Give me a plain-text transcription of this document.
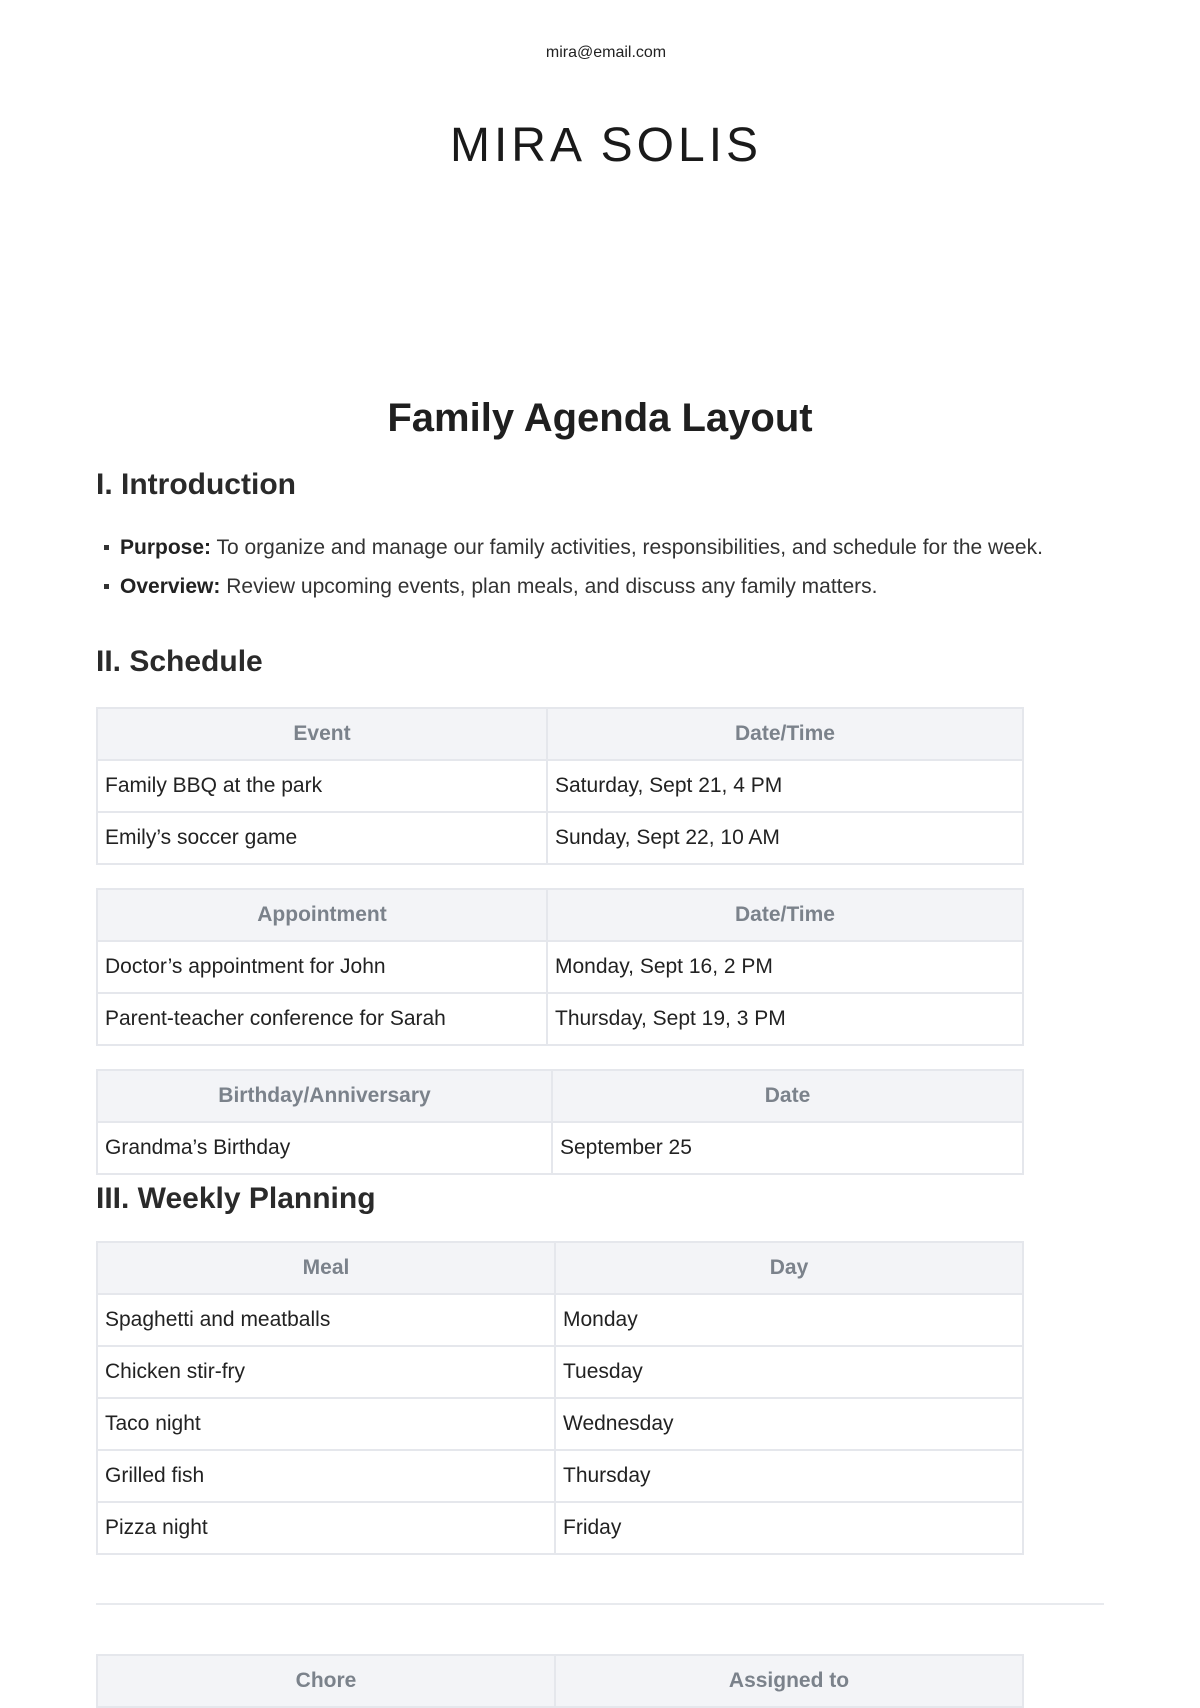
mira@email.com
MIRA SOLIS
Family Agenda Layout
I. Introduction
Purpose: To organize and manage our family activities, responsibilities, and schedule for the week.
Overview: Review upcoming events, plan meals, and discuss any family matters.
II. Schedule
Event	Date/Time
Family BBQ at the park	Saturday, Sept 21, 4 PM
Emily’s soccer game	Sunday, Sept 22, 10 AM
Appointment	Date/Time
Doctor’s appointment for John	Monday, Sept 16, 2 PM
Parent-teacher conference for Sarah	Thursday, Sept 19, 3 PM
Birthday/Anniversary	Date
Grandma’s Birthday	September 25
III. Weekly Planning
Meal	Day
Spaghetti and meatballs	Monday
Chicken stir-fry	Tuesday
Taco night	Wednesday
Grilled fish	Thursday
Pizza night	Friday
Chore	Assigned to
